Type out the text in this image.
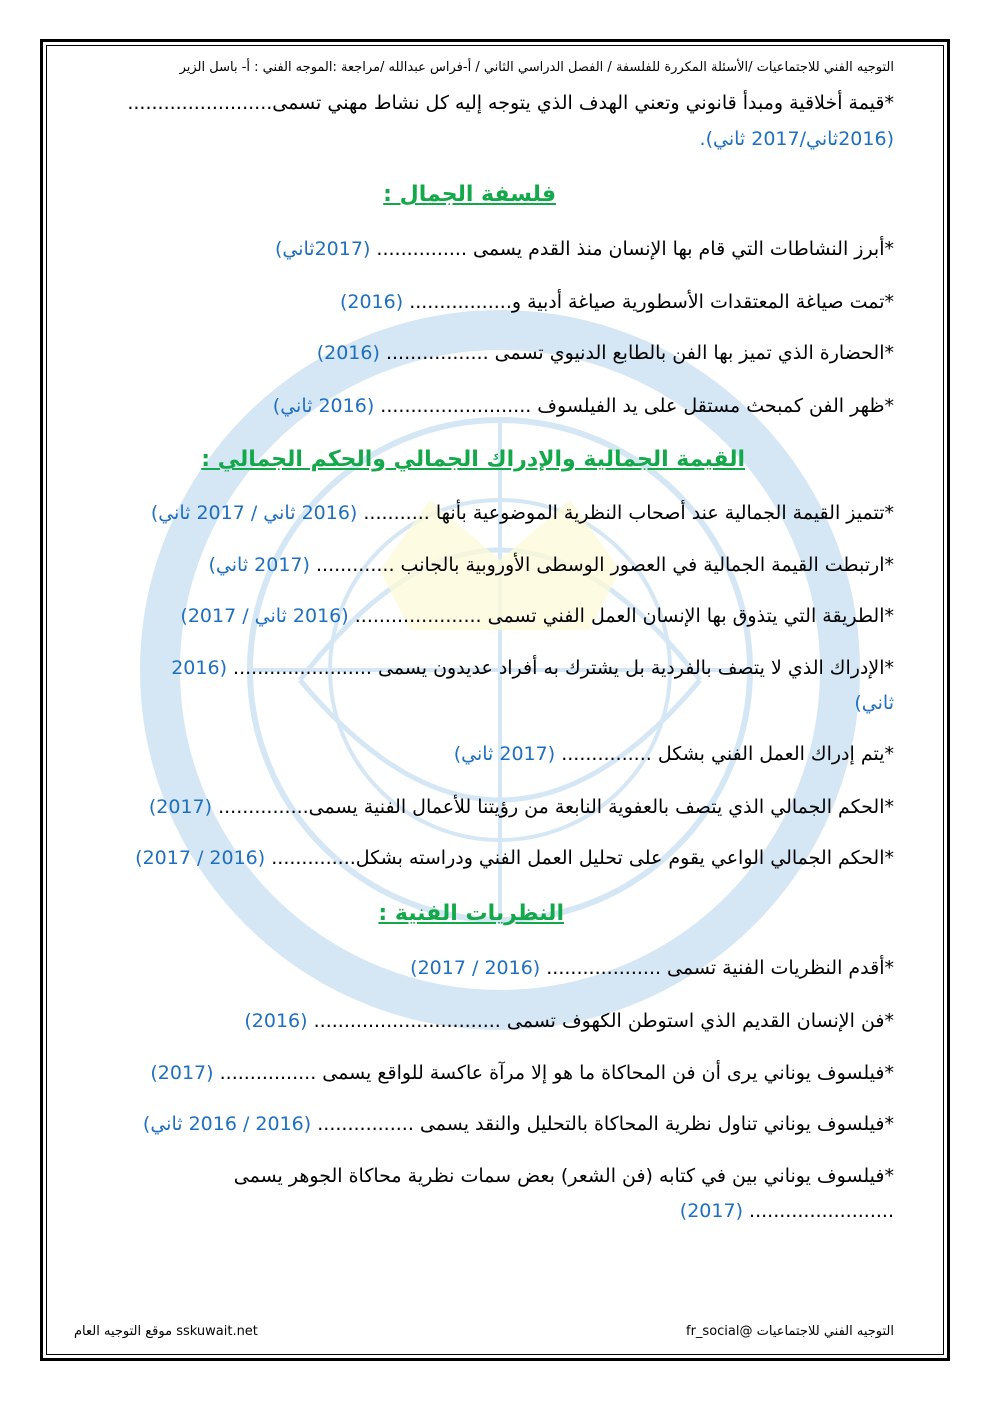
التوجيه الفني للاجتماعيات /الأسئلة المكررة للفلسفة / الفصل الدراسي الثاني / أ-فراس عبدالله /مراجعة :الموجه الفني : أ- باسل الزير
*قيمة أخلاقية ومبدأ قانوني وتعني الهدف الذي يتوجه إليه كل نشاط مهني تسمى........................
(2016ثاني/2017 ثاني).
فلسفة الجمال :
*أبرز النشاطات التي قام بها الإنسان منذ القدم يسمى ............... (2017ثاني)
*تمت صياغة المعتقدات الأسطورية صياغة أدبية و................. (2016)
*الحضارة الذي تميز بها الفن بالطابع الدنيوي تسمى ................. (2016)
*ظهر الفن كمبحث مستقل على يد الفيلسوف ......................... (2016 ثاني)
القيمة الجمالية والإدراك الجمالي والحكم الجمالي :
*تتميز القيمة الجمالية عند أصحاب النظرية الموضوعية بأنها ........... (2016 ثاني / 2017 ثاني)
*ارتبطت القيمة الجمالية في العصور الوسطى الأوروبية بالجانب ............. (2017 ثاني)
*الطريقة التي يتذوق بها الإنسان العمل الفني تسمى ..................... (2016 ثاني / 2017)
*الإدراك الذي لا يتصف بالفردية بل يشترك به أفراد عديدون يسمى ....................... (2016
ثاني)
*يتم إدراك العمل الفني بشكل ............... (2017 ثاني)
*الحكم الجمالي الذي يتصف بالعفوية النابعة من رؤيتنا للأعمال الفنية يسمى............... (2017)
*الحكم الجمالي الواعي يقوم على تحليل العمل الفني ودراسته بشكل.............. (2016 / 2017)
النظريات الفنية :
*أقدم النظريات الفنية تسمى ................... (2016 / 2017)
*فن الإنسان القديم الذي استوطن الكهوف تسمى ............................... (2016)
*فيلسوف يوناني يرى أن فن المحاكاة ما هو إلا مرآة عاكسة للواقع يسمى ................ (2017)
*فيلسوف يوناني تناول نظرية المحاكاة بالتحليل والنقد يسمى ................ (2016 / 2016 ثاني)
*فيلسوف يوناني بين في كتابه (فن الشعر) بعض سمات نظرية محاكاة الجوهر يسمى
........................ (2017)
التوجيه الفني للاجتماعيات @fr_social
sskuwait.net موقع التوجيه العام
